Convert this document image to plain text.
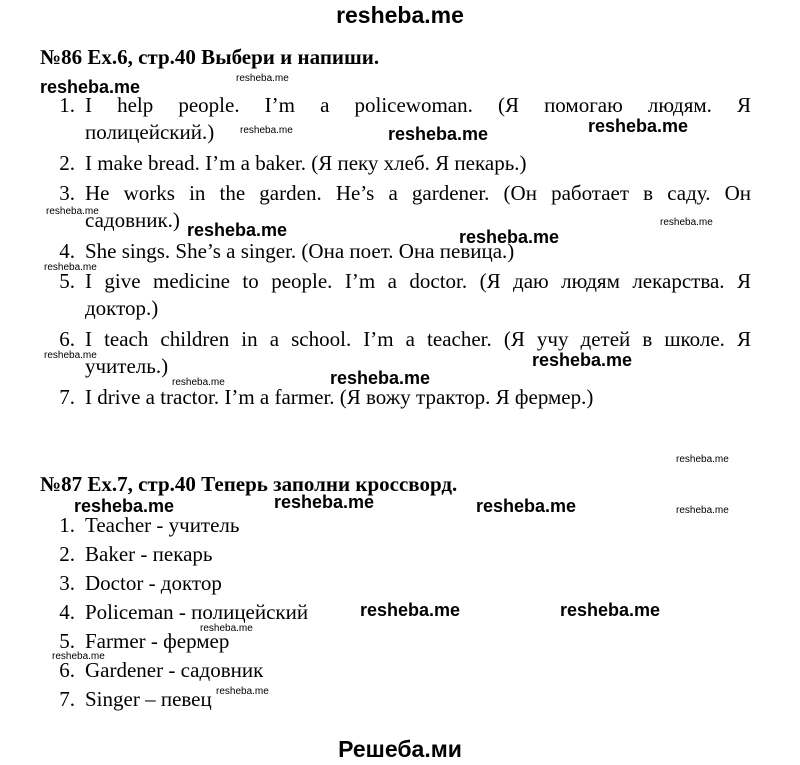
resheba.me
№86 Ex.6, стр.40 Выбери и напиши.
1. I help people. I’m a policewoman. (Я помогаю людям. Я
полицейский.)
2. I make bread. I’m a baker. (Я пеку хлеб. Я пекарь.)
3. He works in the garden. He’s a gardener. (Он работает в саду. Он
садовник.)
4. She sings. She’s a singer. (Она поет. Она певица.)
5. I give medicine to people. I’m a doctor. (Я даю людям лекарства. Я
доктор.)
6. I teach children in a school. I’m a teacher. (Я учу детей в школе. Я
учитель.)
7. I drive a tractor. I’m a farmer. (Я вожу трактор. Я фермер.)
№87 Ex.7, стр.40 Теперь заполни кроссворд.
1. Teacher - учитель
2. Baker - пекарь
3. Doctor - доктор
4. Policeman - полицейский
5. Farmer - фермер
6. Gardener - садовник
7. Singer – певец
resheba.me	resheba.me
resheba.me	resheba.me	resheba.me
resheba.me
resheba.me	resheba.me
resheba.me
resheba.me
resheba.me	resheba.me
resheba.me	resheba.me
resheba.me
resheba.me	resheba.me	resheba.me	resheba.me
resheba.me	resheba.me
resheba.me
resheba.me
resheba.me
Решеба.ми
